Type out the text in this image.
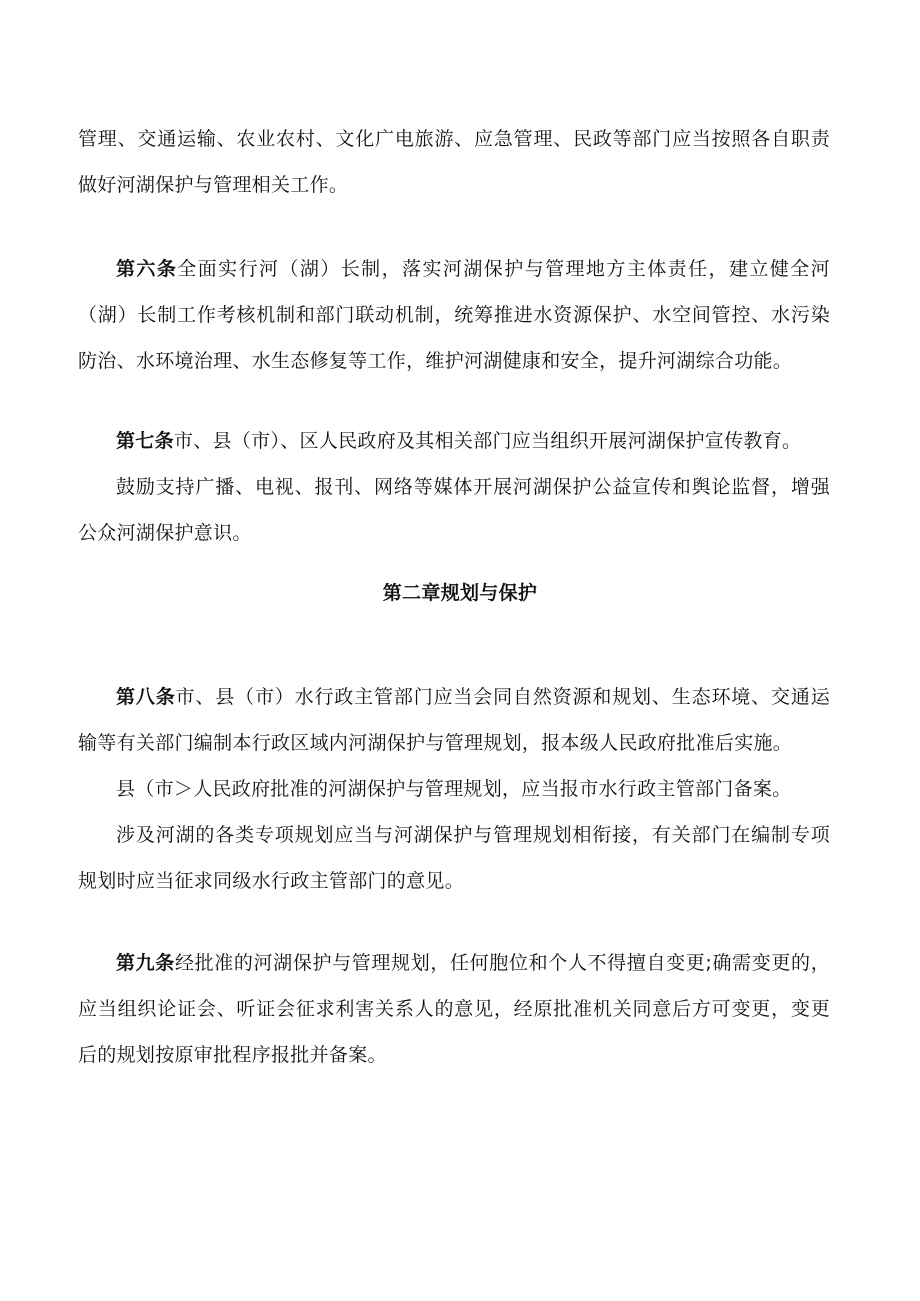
管理、交通运输、农业农村、文化广电旅游、应急管理、民政等部门应当按照各自职责做好河湖保护与管理相关工作。

第六条全面实行河（湖）长制，落实河湖保护与管理地方主体责任，建立健全河（湖）长制工作考核机制和部门联动机制，统筹推进水资源保护、水空间管控、水污染防治、水环境治理、水生态修复等工作，维护河湖健康和安全，提升河湖综合功能。

第七条市、县（市）、区人民政府及其相关部门应当组织开展河湖保护宣传教育。

鼓励支持广播、电视、报刊、网络等媒体开展河湖保护公益宣传和舆论监督，增强公众河湖保护意识。

第二章规划与保护

第八条市、县（市）水行政主管部门应当会同自然资源和规划、生态环境、交通运输等有关部门编制本行政区域内河湖保护与管理规划，报本级人民政府批准后实施。

县（市＞人民政府批准的河湖保护与管理规划，应当报市水行政主管部门备案。

涉及河湖的各类专项规划应当与河湖保护与管理规划相衔接，有关部门在编制专项规划时应当征求同级水行政主管部门的意见。

第九条经批准的河湖保护与管理规划，任何胞位和个人不得擅自变更;确需变更的，应当组织论证会、听证会征求利害关系人的意见，经原批准机关同意后方可变更，变更后的规划按原审批程序报批并备案。
